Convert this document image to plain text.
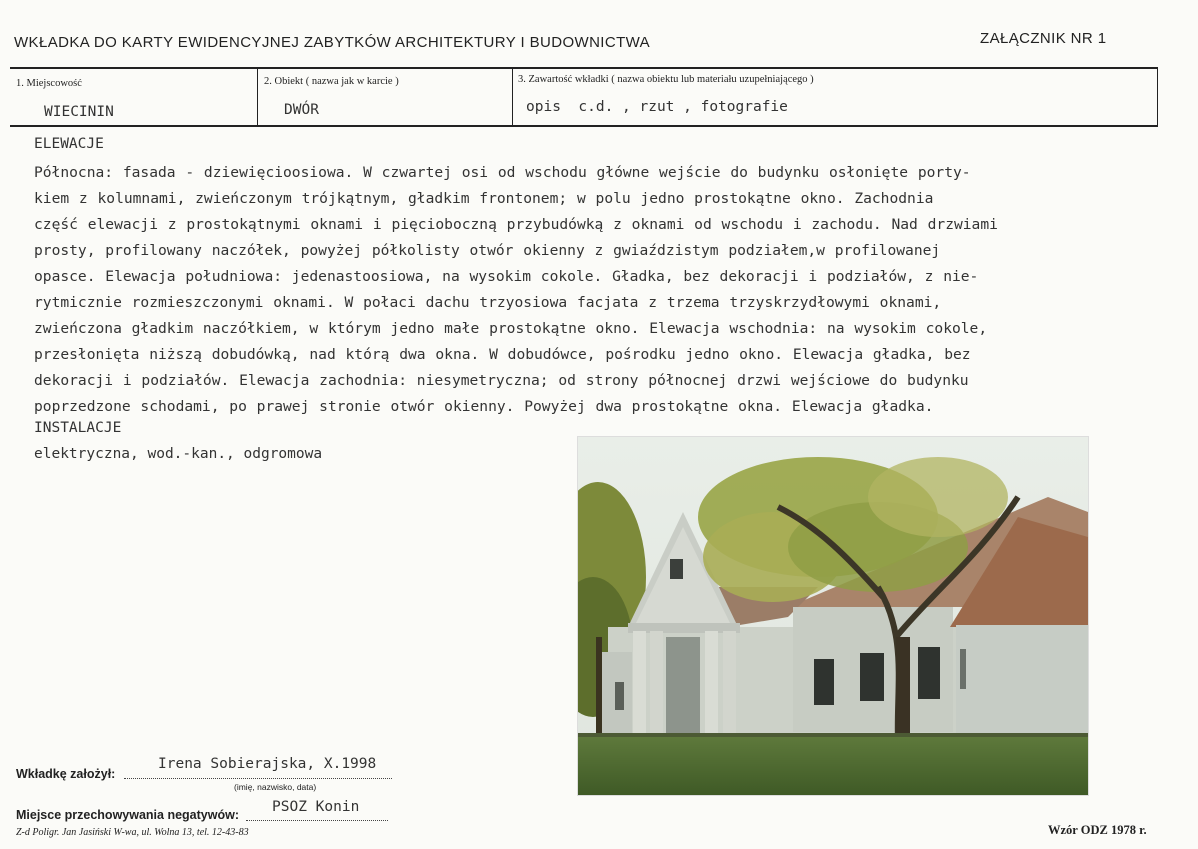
WKŁADKA DO KARTY EWIDENCYJNEJ ZABYTKÓW ARCHITEKTURY I BUDOWNICTWA	ZAŁĄCZNIK NR 1
1. Miejscowość
WIECININ
2. Obiekt ( nazwa jak w karcie )
DWÓR
3. Zawartość wkładki ( nazwa obiektu lub materiału uzupełniającego )
opis  c.d. , rzut , fotografie
ELEWACJE
Północna: fasada - dziewięcioosiowa. W czwartej osi od wschodu główne wejście do budynku osłonięte porty-
kiem z kolumnami, zwieńczonym trójkątnym, gładkim frontonem; w polu jedno prostokątne okno. Zachodnia
część elewacji z prostokątnymi oknami i pięcioboczną przybudówką z oknami od wschodu i zachodu. Nad drzwiami
prosty, profilowany naczółek, powyżej półkolisty otwór okienny z gwiaździstym podziałem,w profilowanej
opasce. Elewacja południowa: jedenastoosiowa, na wysokim cokole. Gładka, bez dekoracji i podziałów, z nie-
rytmicznie rozmieszczonymi oknami. W połaci dachu trzyosiowa facjata z trzema trzyskrzydłowymi oknami,
zwieńczona gładkim naczółkiem, w którym jedno małe prostokątne okno. Elewacja wschodnia: na wysokim cokole,
przesłonięta niższą dobudówką, nad którą dwa okna. W dobudówce, pośrodku jedno okno. Elewacja gładka, bez
dekoracji i podziałów. Elewacja zachodnia: niesymetryczna; od strony północnej drzwi wejściowe do budynku
poprzedzone schodami, po prawej stronie otwór okienny. Powyżej dwa prostokątne okna. Elewacja gładka.
INSTALACJE
elektryczna, wod.-kan., odgromowa
Wkładkę założył:
Irena Sobierajska, X.1998
(imię, nazwisko, data)
Miejsce przechowywania negatywów: PSOZ Konin
Z-d Poligr. Jan Jasiński W-wa, ul. Wolna 13, tel. 12-43-83	Wzór ODZ 1978 r.
